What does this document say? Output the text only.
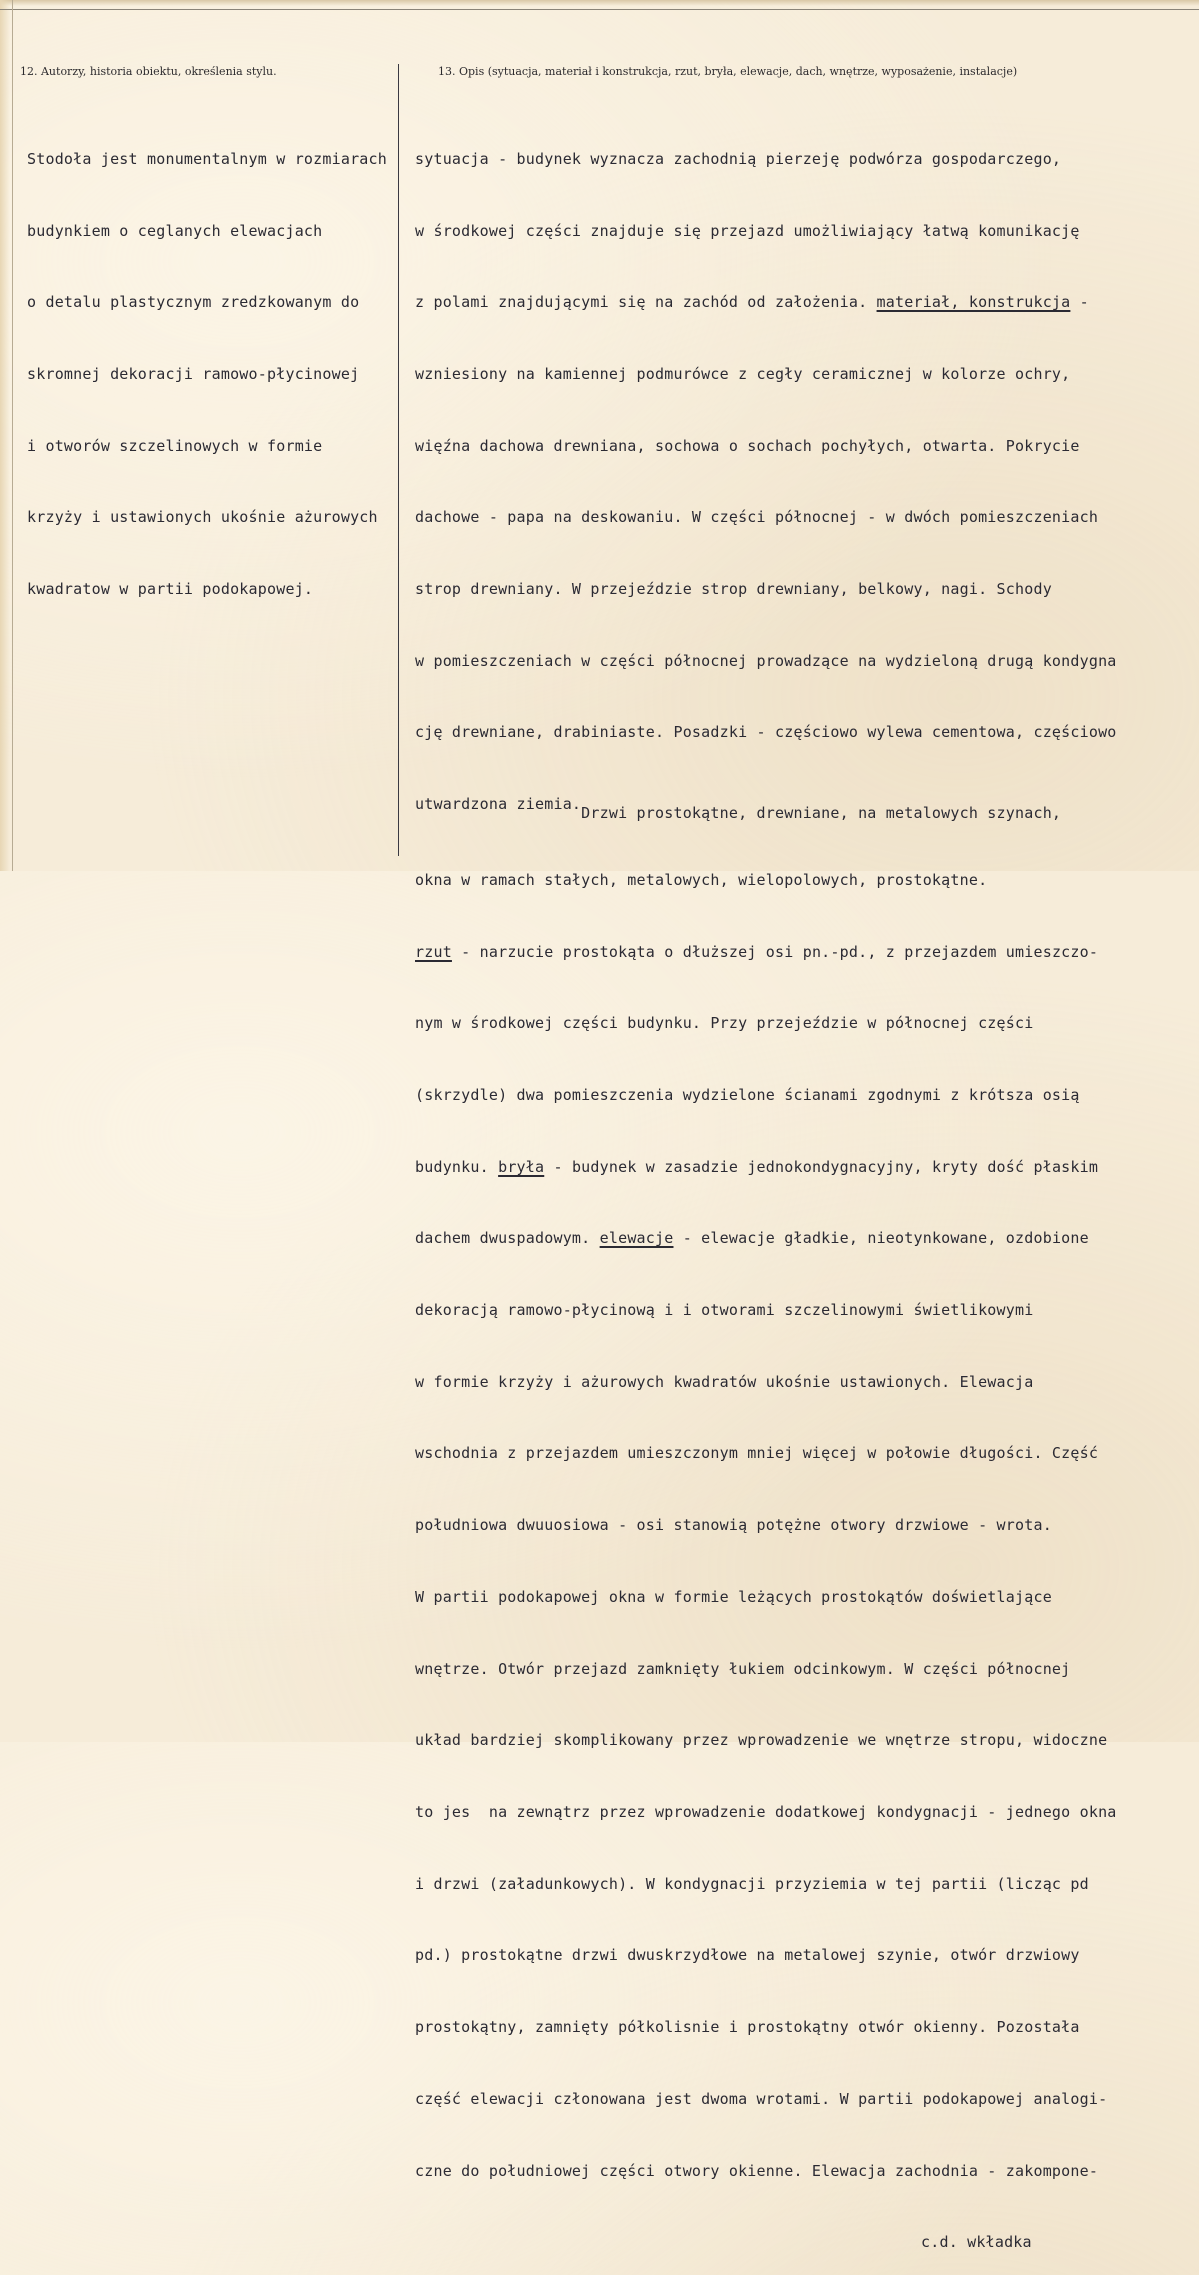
12. Autorzy, historia obiektu, określenia stylu.	13. Opis (sytuacja, materiał i konstrukcja, rzut, bryła, elewacje, dach, wnętrze, wyposażenie, instalacje)

Stodoła jest monumentalnym w rozmiarach

budynkiem o ceglanych elewacjach

o detalu plastycznym zredzkowanym do

skromnej dekoracji ramowo-płycinowej

i otworów szczelinowych w formie

krzyży i ustawionych ukośnie ażurowych

kwadratow w partii podokapowej.

sytuacja - budynek wyznacza zachodnią pierzeję podwórza gospodarczego,

w środkowej części znajduje się przejazd umożliwiający łatwą komunikację

z polami znajdującymi się na zachód od założenia. materiał, konstrukcja -

wzniesiony na kamiennej podmurówce z cegły ceramicznej w kolorze ochry,

więźna dachowa drewniana, sochowa o sochach pochyłych, otwarta. Pokrycie

dachowe - papa na deskowaniu. W części północnej - w dwóch pomieszczeniach

strop drewniany. W przejeździe strop drewniany, belkowy, nagi. Schody

w pomieszczeniach w części północnej prowadzące na wydzieloną drugą kondygna

cję drewniane, drabiniaste. Posadzki - częściowo wylewa cementowa, częściowo

utwardzona ziemia.Drzwi prostokątne, drewniane, na metalowych szynach,

okna w ramach stałych, metalowych, wielopolowych, prostokątne.

rzut - narzucie prostokąta o dłuższej osi pn.-pd., z przejazdem umieszczo-

nym w środkowej części budynku. Przy przejeździe w północnej części

(skrzydle) dwa pomieszczenia wydzielone ścianami zgodnymi z krótsza osią

budynku. bryła - budynek w zasadzie jednokondygnacyjny, kryty dość płaskim

dachem dwuspadowym. elewacje - elewacje gładkie, nieotynkowane, ozdobione

dekoracją ramowo-płycinową i i otworami szczelinowymi świetlikowymi

w formie krzyży i ażurowych kwadratów ukośnie ustawionych. Elewacja

wschodnia z przejazdem umieszczonym mniej więcej w połowie długości. Część

południowa dwuuosiowa - osi stanowią potężne otwory drzwiowe - wrota.

W partii podokapowej okna w formie leżących prostokątów doświetlające

wnętrze. Otwór przejazd zamknięty łukiem odcinkowym. W części północnej

układ bardziej skomplikowany przez wprowadzenie we wnętrze stropu, widoczne

to jes  na zewnątrz przez wprowadzenie dodatkowej kondygnacji - jednego okna

i drzwi (załadunkowych). W kondygnacji przyziemia w tej partii (licząc pd

pd.) prostokątne drzwi dwuskrzydłowe na metalowej szynie, otwór drzwiowy

prostokątny, zamnięty półkolisnie i prostokątny otwór okienny. Pozostała

część elewacji członowana jest dwoma wrotami. W partii podokapowej analogi-

czne do południowej części otwory okienne. Elewacja zachodnia - zakompone-

c.d. wkładka
